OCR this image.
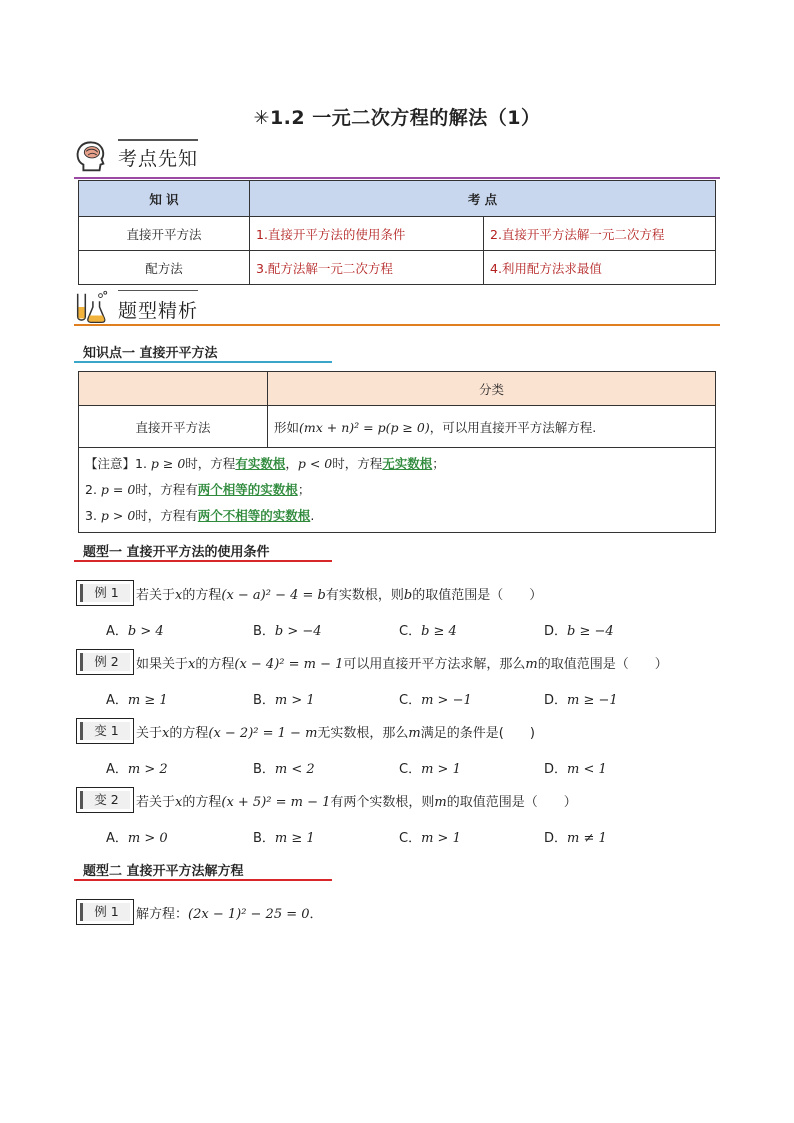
✳1.2 一元二次方程的解法（1）
考点先知
知 识	考 点	
直接开平方法	1.直接开平方法的使用条件	2.直接开平方法解一元二次方程
配方法	3.配方法解一元二次方程	4.利用配方法求最值
题型精析
知识点一 直接开平方法
	分类
直接开平方法	形如(mx + n)² = p(p ≥ 0)，可以用直接开平方法解方程.

【注意】1. p ≥ 0时，方程有实数根，p < 0时，方程无实数根；
2. p = 0时，方程有两个相等的实数根；
3. p > 0时，方程有两个不相等的实数根.	
题型一 直接开平方法的使用条件
例 1	若关于x的方程(x − a)² − 4 = b有实数根，则b的取值范围是（　　）
A．b > 4	B．b > −4	C．b ≥ 4	D．b ≥ −4
例 2	如果关于x的方程(x − 4)² = m − 1可以用直接开平方法求解，那么m的取值范围是（　　）
A．m ≥ 1	B．m > 1	C．m > −1	D．m ≥ −1
变 1	关于x的方程(x − 2)² = 1 − m无实数根，那么m满足的条件是(　　)
A．m > 2	B．m < 2	C．m > 1	D．m < 1
变 2	若关于x的方程(x + 5)² = m − 1有两个实数根，则m的取值范围是（　　）
A．m > 0	B．m ≥ 1	C．m > 1	D．m ≠ 1
题型二 直接开平方法解方程
例 1	解方程：(2x − 1)² − 25 = 0．
